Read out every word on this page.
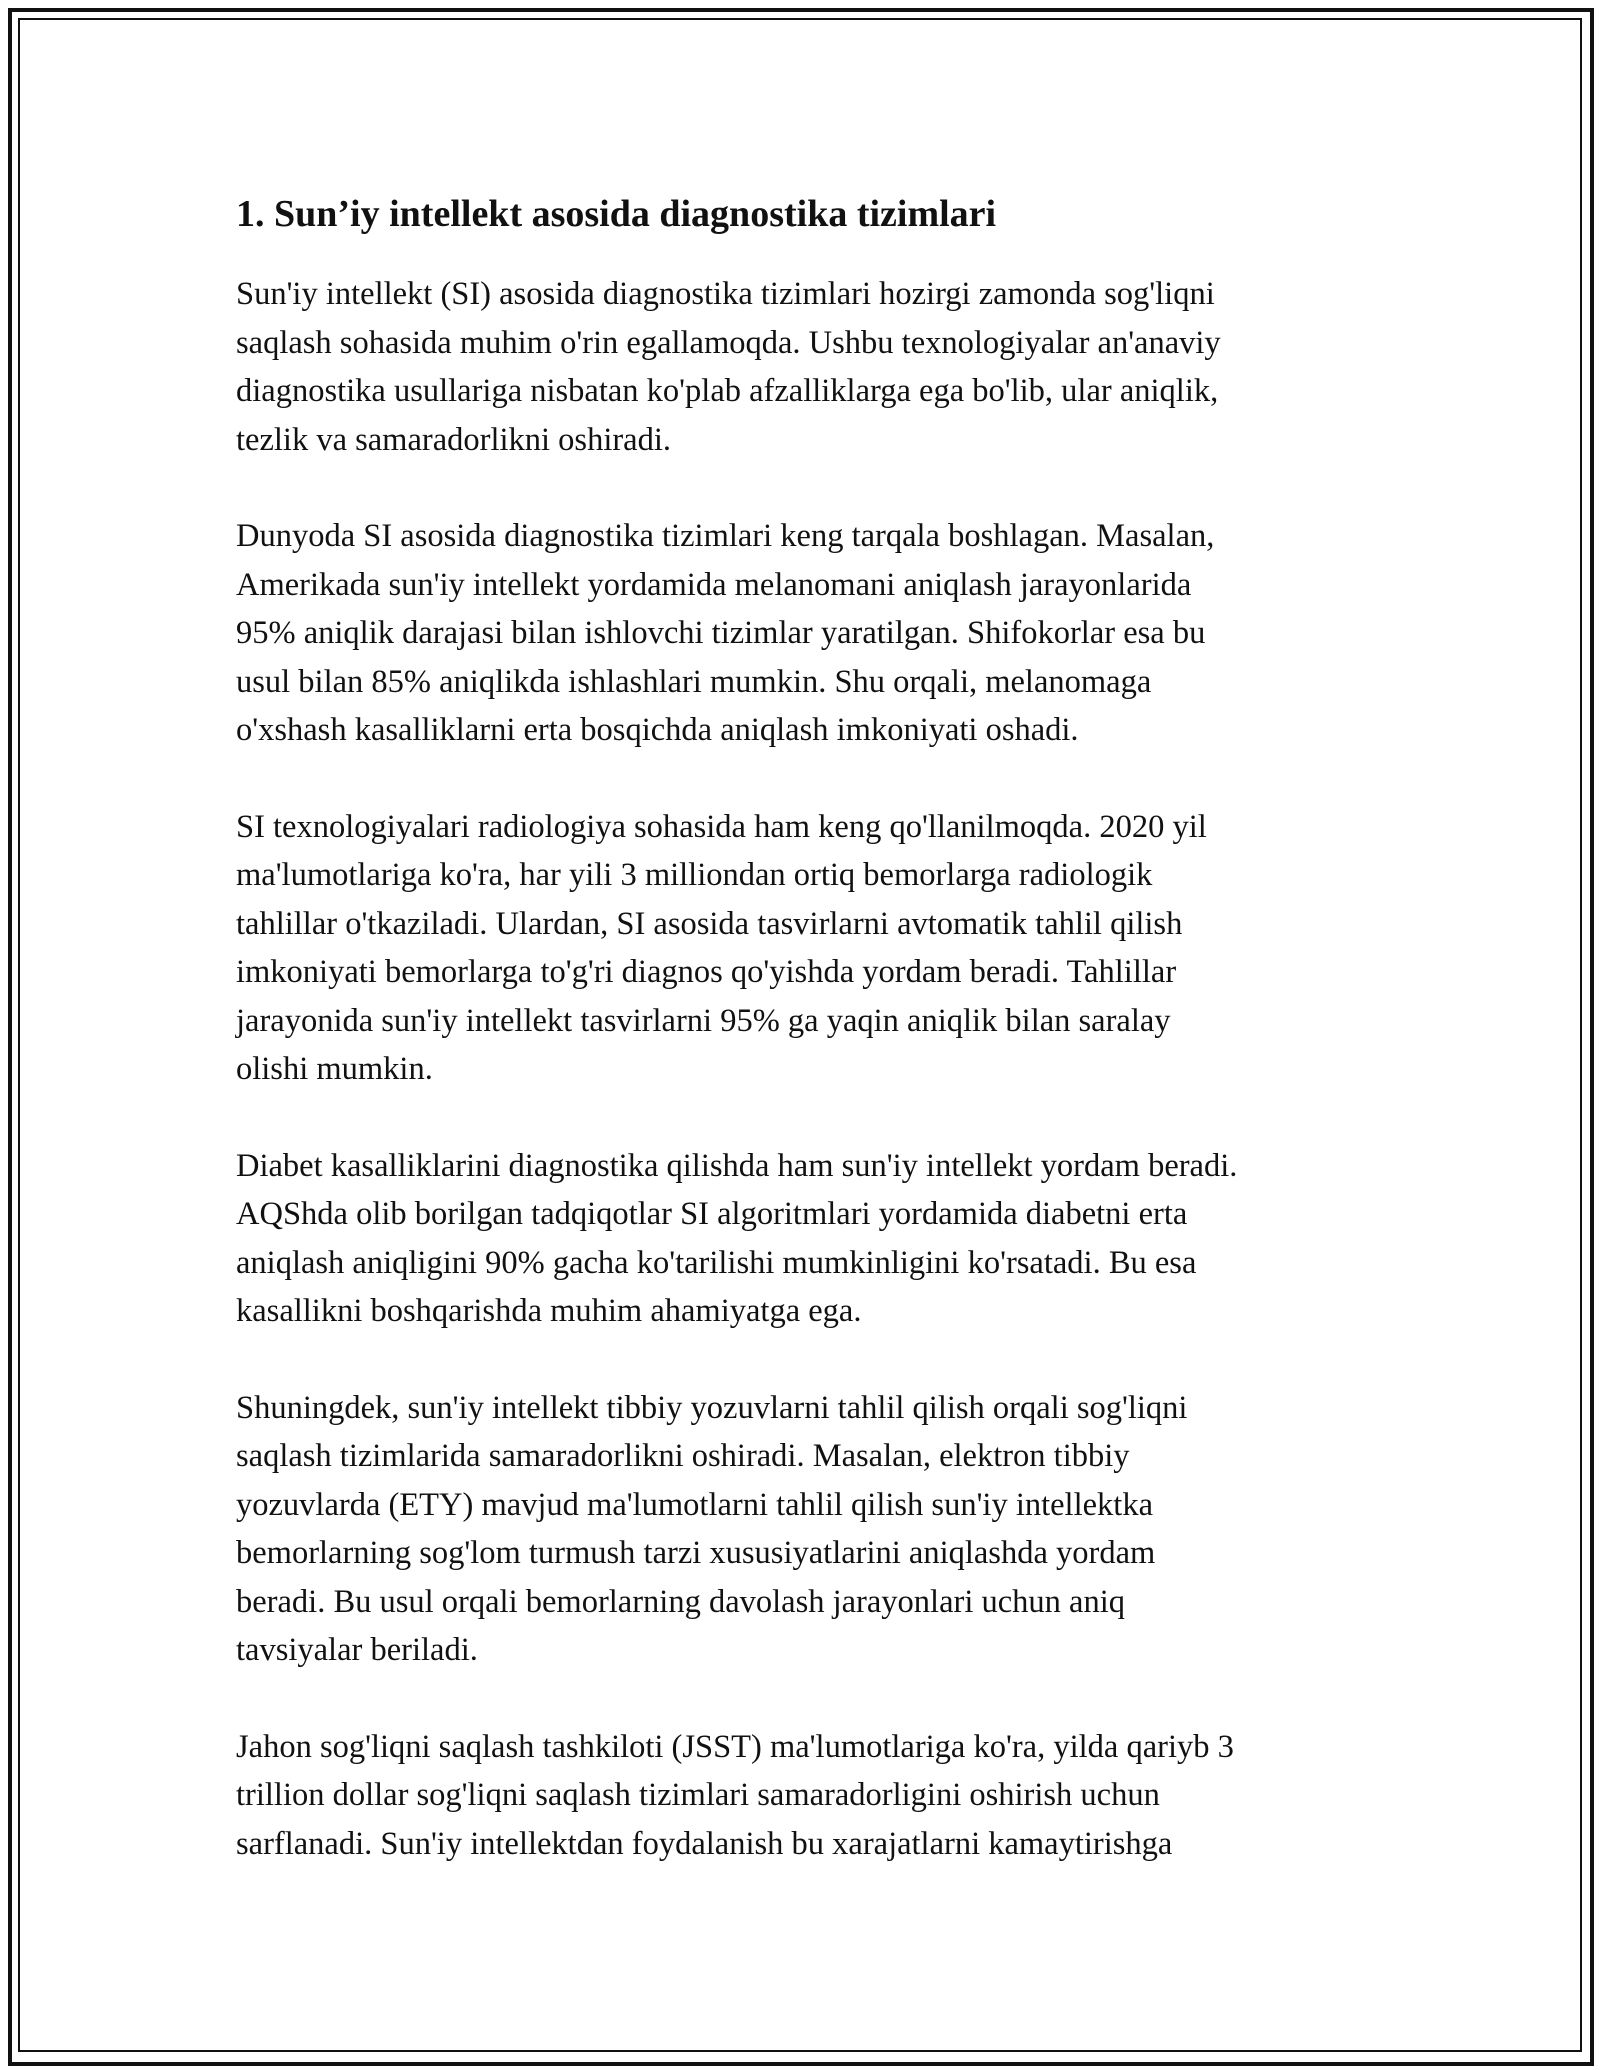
1. Sun’iy intellekt asosida diagnostika tizimlari

Sun'iy intellekt (SI) asosida diagnostika tizimlari hozirgi zamonda sog'liqni
saqlash sohasida muhim o'rin egallamoqda. Ushbu texnologiyalar an'anaviy
diagnostika usullariga nisbatan ko'plab afzalliklarga ega bo'lib, ular aniqlik,
tezlik va samaradorlikni oshiradi.

Dunyoda SI asosida diagnostika tizimlari keng tarqala boshlagan. Masalan,
Amerikada sun'iy intellekt yordamida melanomani aniqlash jarayonlarida
95% aniqlik darajasi bilan ishlovchi tizimlar yaratilgan. Shifokorlar esa bu
usul bilan 85% aniqlikda ishlashlari mumkin. Shu orqali, melanomaga
o'xshash kasalliklarni erta bosqichda aniqlash imkoniyati oshadi.

SI texnologiyalari radiologiya sohasida ham keng qo'llanilmoqda. 2020 yil
ma'lumotlariga ko'ra, har yili 3 milliondan ortiq bemorlarga radiologik
tahlillar o'tkaziladi. Ulardan, SI asosida tasvirlarni avtomatik tahlil qilish
imkoniyati bemorlarga to'g'ri diagnos qo'yishda yordam beradi. Tahlillar
jarayonida sun'iy intellekt tasvirlarni 95% ga yaqin aniqlik bilan saralay
olishi mumkin.

Diabet kasalliklarini diagnostika qilishda ham sun'iy intellekt yordam beradi.
AQShda olib borilgan tadqiqotlar SI algoritmlari yordamida diabetni erta
aniqlash aniqligini 90% gacha ko'tarilishi mumkinligini ko'rsatadi. Bu esa
kasallikni boshqarishda muhim ahamiyatga ega.

Shuningdek, sun'iy intellekt tibbiy yozuvlarni tahlil qilish orqali sog'liqni
saqlash tizimlarida samaradorlikni oshiradi. Masalan, elektron tibbiy
yozuvlarda (ETY) mavjud ma'lumotlarni tahlil qilish sun'iy intellektka
bemorlarning sog'lom turmush tarzi xususiyatlarini aniqlashda yordam
beradi. Bu usul orqali bemorlarning davolash jarayonlari uchun aniq
tavsiyalar beriladi.

Jahon sog'liqni saqlash tashkiloti (JSST) ma'lumotlariga ko'ra, yilda qariyb 3
trillion dollar sog'liqni saqlash tizimlari samaradorligini oshirish uchun
sarflanadi. Sun'iy intellektdan foydalanish bu xarajatlarni kamaytirishga
